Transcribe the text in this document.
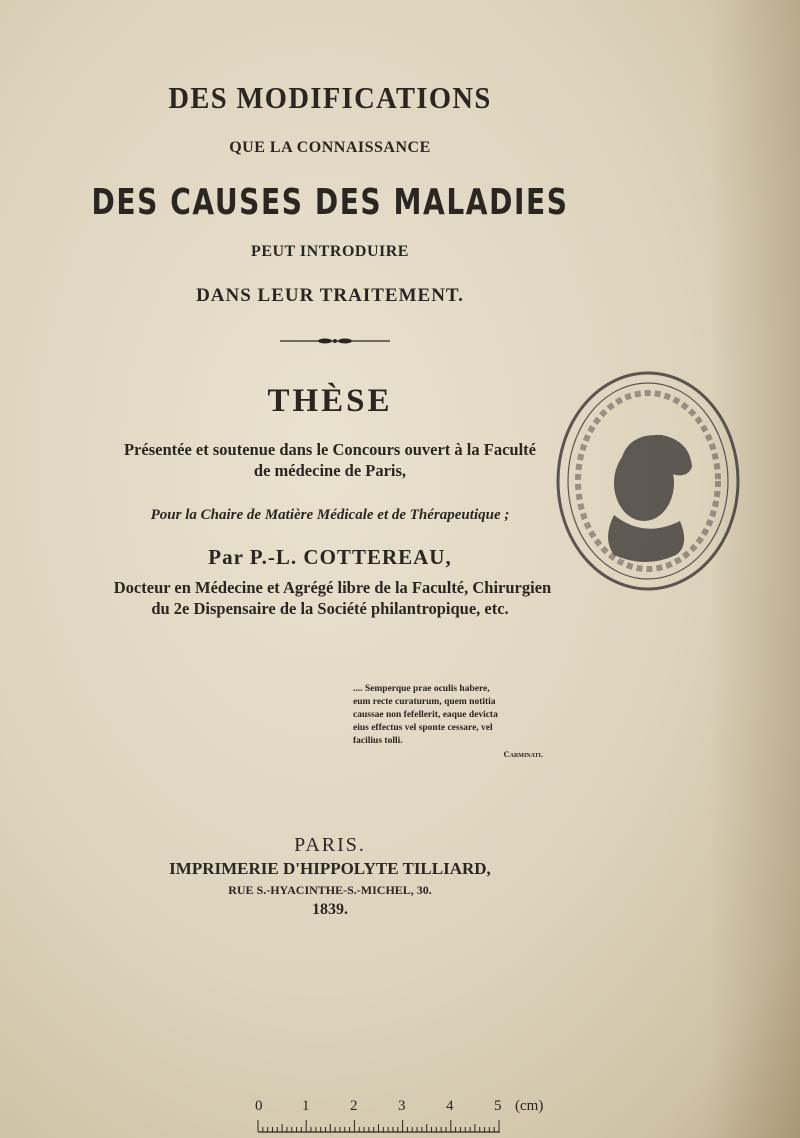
DES MODIFICATIONS
QUE LA CONNAISSANCE
DES CAUSES DES MALADIES
PEUT INTRODUIRE
DANS LEUR TRAITEMENT.
THÈSE
Présentée et soutenue dans le Concours ouvert à la Faculté
de médecine de Paris,
Pour la Chaire de Matière Médicale et de Thérapeutique ;
Par P.-L. COTTEREAU,
Docteur en Médecine et Agrégé libre de la Faculté, Chirurgien
du 2e Dispensaire de la Société philantropique, etc.
.... Semperque prae oculis habere,
eum recte curaturum, quem notitia
caussae non fefellerit, eaque devicta
eius effectus vel sponte cessare, vel
facilius tolli.
Carminati.
PARIS.
IMPRIMERIE D'HIPPOLYTE TILLIARD,
RUE S.-HYACINTHE-S.-MICHEL, 30.
1839.
0	1	2	3	4	5 (cm)
